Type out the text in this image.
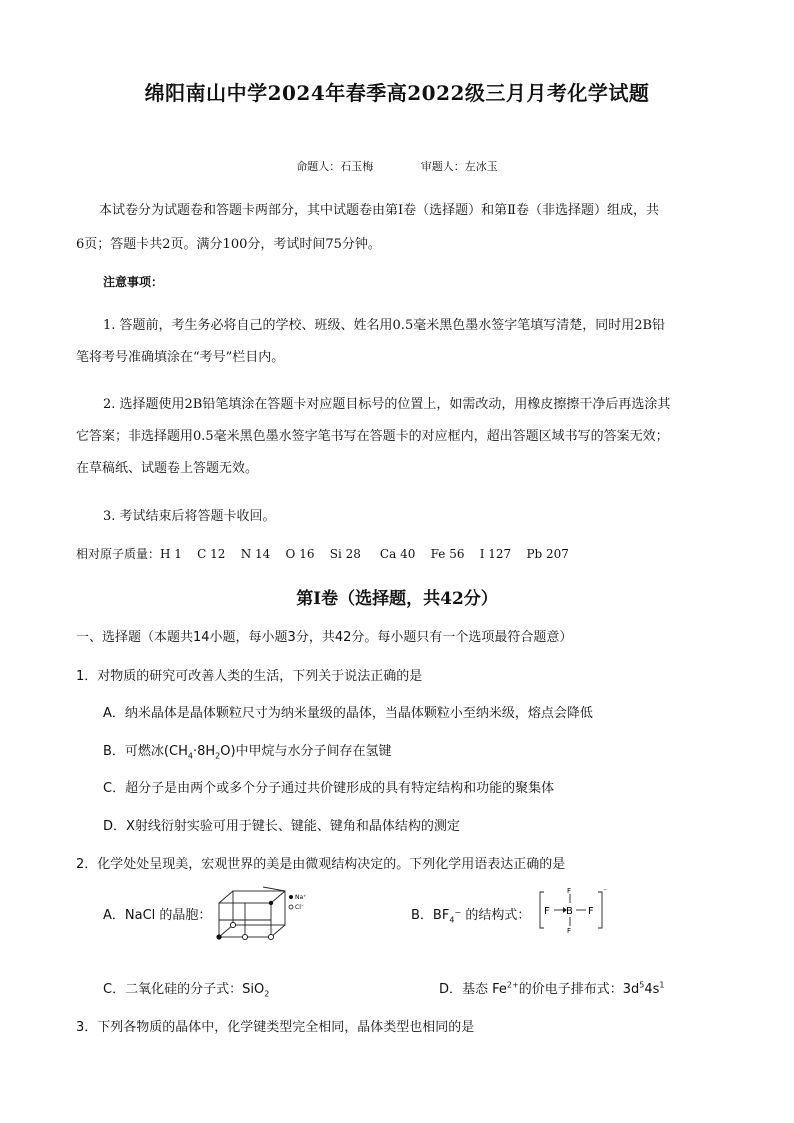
绵阳南山中学2024年春季高2022级三月月考化学试题
命题人：石玉梅	审题人：左冰玉
本试卷分为试题卷和答题卡两部分，其中试题卷由第Ⅰ卷（选择题）和第Ⅱ卷（非选择题）组成，共
6页；答题卡共2页。满分100分，考试时间75分钟。
注意事项：
1. 答题前，考生务必将自己的学校、班级、姓名用0.5毫米黑色墨水签字笔填写清楚，同时用2B铅
笔将考号准确填涂在“考号”栏目内。
2. 选择题使用2B铅笔填涂在答题卡对应题目标号的位置上，如需改动，用橡皮擦擦干净后再选涂其
它答案；非选择题用0.5毫米黑色墨水签字笔书写在答题卡的对应框内，超出答题区域书写的答案无效；
在草稿纸、试题卷上答题无效。
3. 考试结束后将答题卡收回。
相对原子质量：H 1    C 12    N 14    O 16    Si 28     Ca 40    Fe 56    I 127    Pb 207
第Ⅰ卷（选择题，共42分）
一、选择题（本题共14小题，每小题3分，共42分。每小题只有一个选项最符合题意）
1．对物质的研究可改善人类的生活，下列关于说法正确的是
A．纳米晶体是晶体颗粒尺寸为纳米量级的晶体，当晶体颗粒小至纳米级，熔点会降低
B．可燃冰$(CH_4\cdot 8H_2O)$中甲烷与水分子间存在氢键
C．超分子是由两个或多个分子通过共价键形成的具有特定结构和功能的聚集体
D．X射线衍射实验可用于键长、键能、键角和晶体结构的测定
2．化学处处呈现美，宏观世界的美是由微观结构决定的。下列化学用语表达正确的是
A．NaCl 的晶胞：
Na⁺
Cl⁻
B．$BF_4^-$ 的结构式： F B F
F
F
⁻
C．二氧化硅的分子式：SiO$_2$	D．基态 $Fe^{2+}$的价电子排布式：$3d^54s^1$
3．下列各物质的晶体中，化学键类型完全相同，晶体类型也相同的是
